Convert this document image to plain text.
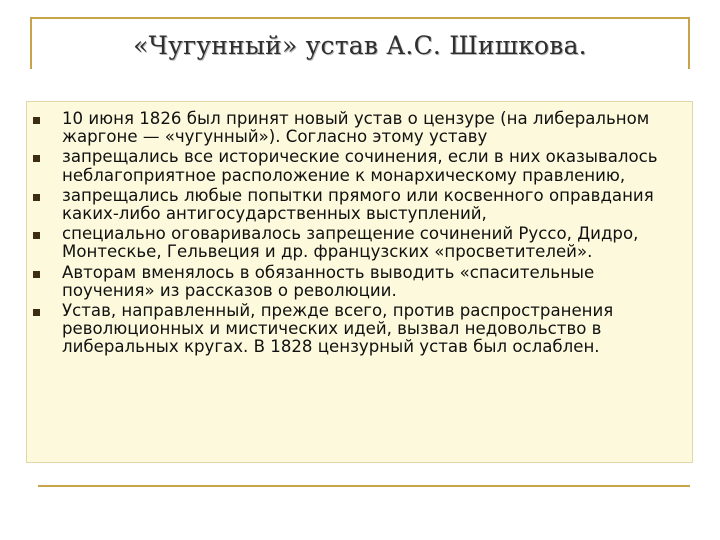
«Чугунный» устав А.С. Шишкова.
10 июня 1826 был принят новый устав о цензуре (на либеральном жаргоне — «чугунный»). Согласно этому уставу
запрещались все исторические сочинения, если в них оказывалось неблагоприятное расположение к монархическому правлению,
запрещались любые попытки прямого или косвенного оправдания каких-либо антигосударственных выступлений,
специально оговаривалось запрещение сочинений Руссо, Дидро, Монтескье, Гельвеция и др. французских «просветителей».
Авторам вменялось в обязанность выводить «спасительные поучения» из рассказов о революции.
Устав, направленный, прежде всего, против распространения революционных и мистических идей, вызвал недовольство в либеральных кругах. В 1828 цензурный устав был ослаблен.
